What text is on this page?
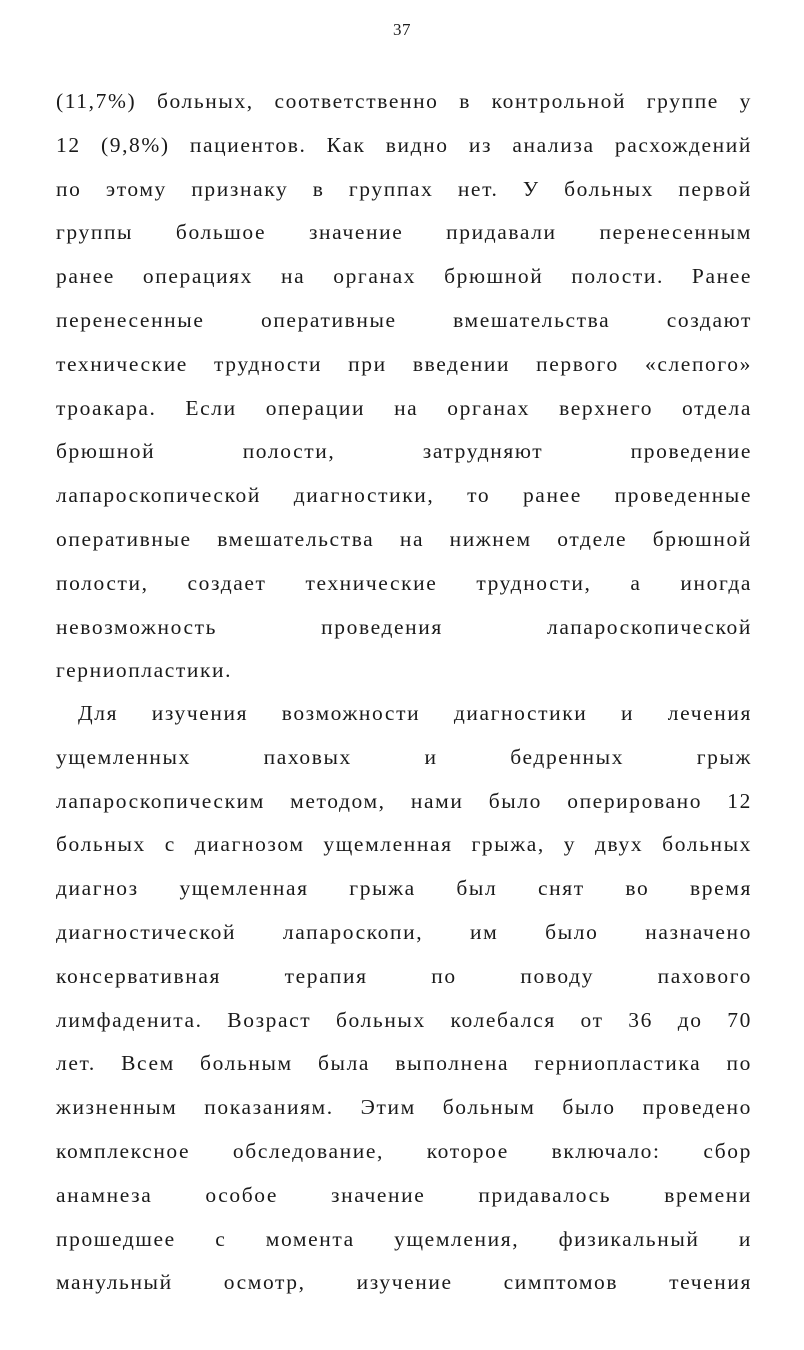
37
(11,7%) больных, соответственно в контрольной группе у
12 (9,8%) пациентов. Как видно из анализа расхождений
по этому признаку в группах нет. У больных первой
группы большое значение придавали перенесенным
ранее операциях на органах брюшной полости. Ранее
перенесенные оперативные вмешательства создают
технические трудности при введении первого «слепого»
троакара. Если операции на органах верхнего отдела
брюшной полости, затрудняют проведение
лапароскопической диагностики, то ранее проведенные
оперативные вмешательства на нижнем отделе брюшной
полости, создает технические трудности, а иногда
невозможность проведения лапароскопической
герниопластики.
Для изучения возможности диагностики и лечения
ущемленных паховых и бедренных грыж
лапароскопическим методом, нами было оперировано 12
больных с диагнозом ущемленная грыжа, у двух больных
диагноз ущемленная грыжа был снят во время
диагностической лапароскопи, им было назначено
консервативная терапия по поводу пахового
лимфаденита. Возраст больных колебался от 36 до 70
лет. Всем больным была выполнена герниопластика по
жизненным показаниям. Этим больным было проведено
комплексное обследование, которое включало: сбор
анамнеза особое значение придавалось времени
прошедшее с момента ущемления, физикальный и
манульный осмотр, изучение симптомов течения
